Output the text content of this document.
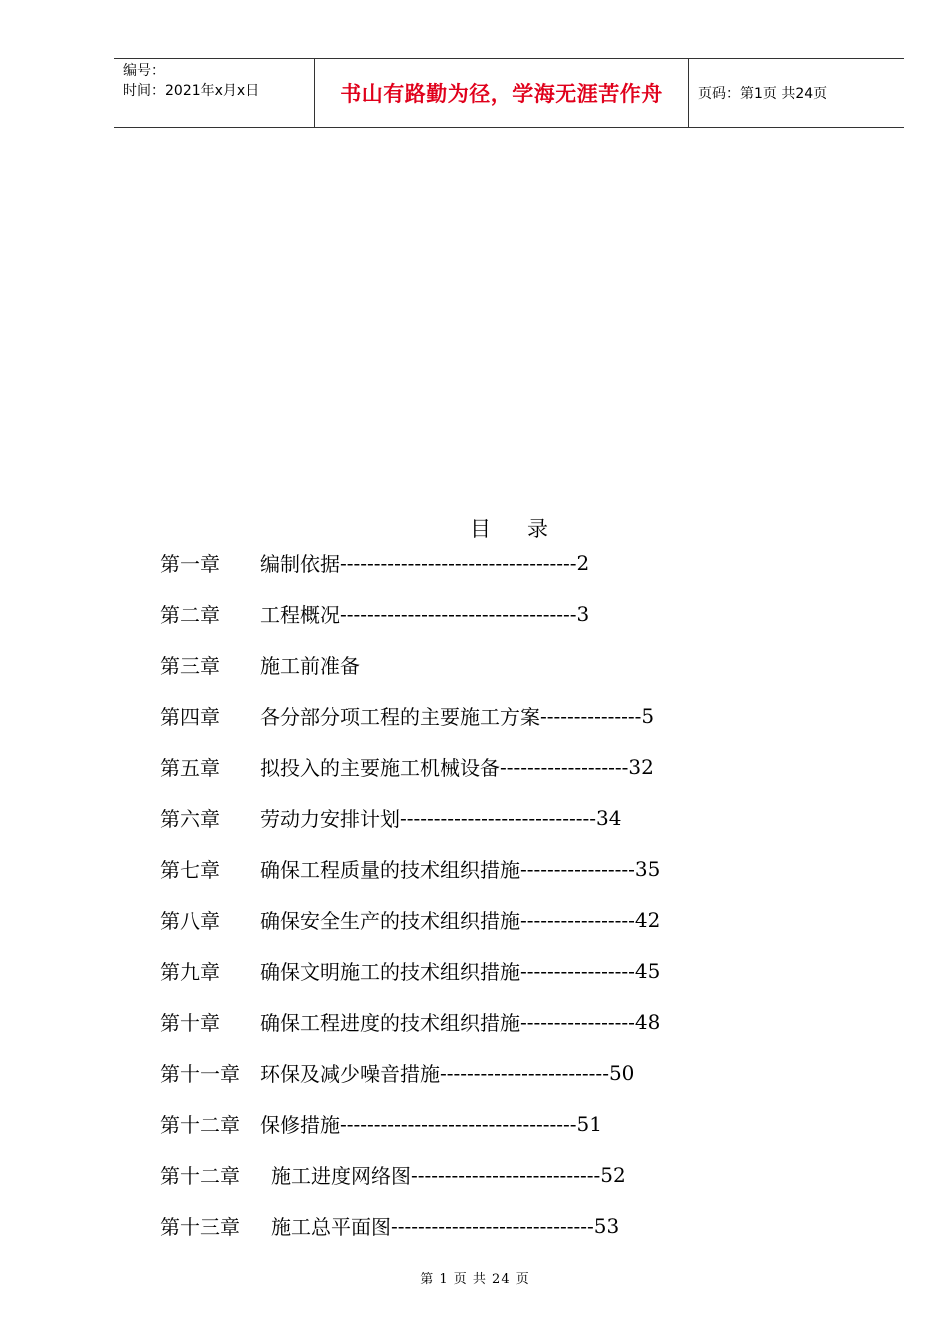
编号：
时间：2021年x月x日	书山有路勤为径，学海无涯苦作舟	页码：第1页 共24页
目 录
第一章	编制依据 ----------------------------------- 2
第二章	工程概况 ----------------------------------- 3
第三章	施工前准备
第四章	各分部分项工程的主要施工方案 --------------- 5
第五章	拟投入的主要施工机械设备 ------------------- 32
第六章	劳动力安排计划 ----------------------------- 34
第七章	确保工程质量的技术组织措施 ----------------- 35
第八章	确保安全生产的技术组织措施 ----------------- 42
第九章	确保文明施工的技术组织措施 ----------------- 45
第十章	确保工程进度的技术组织措施 ----------------- 48
第十一章	环保及减少噪音措施 ------------------------- 50
第十二章	保修措施 ----------------------------------- 51
第十二章	施工进度网络图 ---------------------------- 52
第十三章	施工总平面图 ------------------------------ 53
第 1 页 共 24 页
